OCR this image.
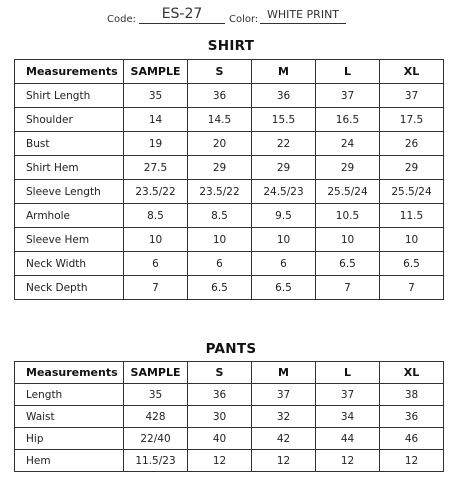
Code:	ES-27	Color: WHITE PRINT
SHIRT
Measurements	SAMPLE	S	M	L	XL
Shirt Length	35	36	36	37	37
Shoulder	14	14.5	15.5	16.5	17.5
Bust	19	20	22	24	26
Shirt Hem	27.5	29	29	29	29
Sleeve Length	23.5/22	23.5/22	24.5/23	25.5/24	25.5/24
Armhole	8.5	8.5	9.5	10.5	11.5
Sleeve Hem	10	10	10	10	10
Neck Width	6	6	6	6.5	6.5
Neck Depth	7	6.5	6.5	7	7
PANTS
Measurements	SAMPLE	S	M	L	XL
Length	35	36	37	37	38
Waist	428	30	32	34	36
Hip	22/40	40	42	44	46
Hem	11.5/23	12	12	12	12
